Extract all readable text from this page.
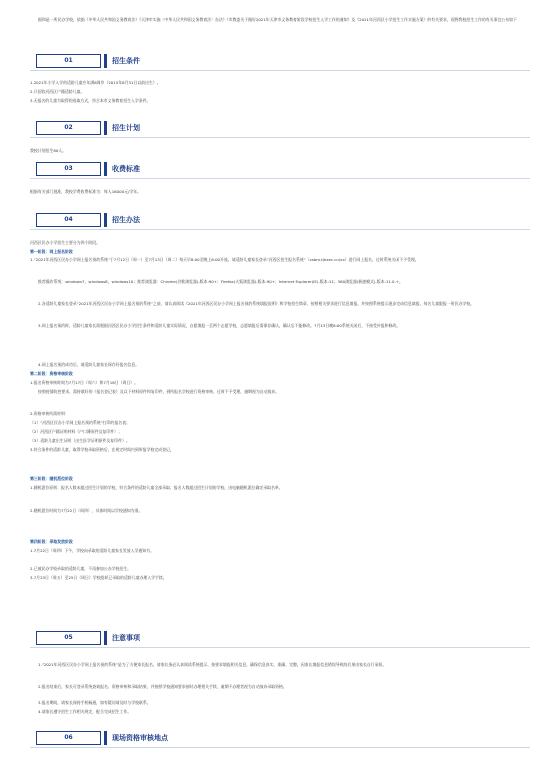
据和是一所民办学校，依据《中华人民共和国义务教育法》《天津市实施〈中华人民共和国义务教育法〉办法》《市教委关于做好2021年天津市义务教育阶段学校招生入学工作的通知》及《2021年河西区小学招生工作实施方案》的有关要求，现将我校招生工作的有关事宜公布如下
01	招生条件
1.2021年小学入学的适龄儿童应年满6周岁（2015年8月31日以前出生）。
2.只招收河西区户籍适龄儿童。
3.无报名的儿童为取得的选取方式，符合本市义务教育招生入学条件。
02	招生计划
我校计划招生80人。
03	收费标准
根据有关部门批准，我校学费收费标准为：每人16000元/学年。
04	招生办法
河西区民办小学招生主要分为四个阶段。
第一阶段：网上报名阶段
1.“2021年河西区民办小学网上报名预约系统”于7月12日（周一）至7月13日（周二）每天早8:00至晚上8:00开放。请适龄儿童家长登录“河西区招生报名系统”（zsbm.tjhxec.cn/xx）进行网上报名，过时系统关闭不予受理。
推荐操作系统：windows7，windows8，windows10；推荐浏览器：Chrome(谷歌浏览器)-版本:90+；Firefox(火狐浏览器)-版本:90+；Internet Explorer(IE)-版本:11；360浏览器(极速模式)-版本:11.0.+。
2.各适龄儿童家长登录“2021年河西区民办小学网上报名预约系统”之前，请认真阅读《2021年河西区民办小学网上报名预约系统填报说明》和学校招生简章，按照相关要求进行信息填报，并按照系统提示逐步完成信息填报，每名儿童限报一所民办学校。
3.网上报名预约时，适龄儿童家长需根据河西区民办小学招生条件和适龄儿童实际情况，自愿填报一至两个志愿学校，志愿填报后需保存确认，确认后不能修改。7月13日晚8:00系统关闭后，不接受补报和修改。
4.网上报名预约成功后，请适龄儿童家长保存好报名信息。
第二阶段：资格审核阶段
1.报名资格审核时间为7月17日（周六）和7月18日（周日）。
按照疫情防控要求，需持填好的《报名登记表》及以下材料原件和复印件，到所报名学校进行资格审核，过时不予受理，逾期视为自动放弃。
2.资格审核所需材料：
（1）“河西区民办小学网上报名预约系统”打印的报名表；
（2）河西区户籍证明材料（户口簿原件及复印件）；
（3）适龄儿童出生证明（出生医学证明原件及复印件）。
3.符合条件的适龄儿童，取得学校录取资格后，在规定时间内到所报学校完成登记。
第三阶段：随机派位阶段
1.随机派位原则：报名人数未超过招生计划的学校，符合条件的适龄儿童全部录取；报名人数超过招生计划的学校，由电脑随机派位确定录取名单。
2.随机派位时间为7月22日（周四），具体时间以学校通知为准。
第四阶段：录取发放阶段
1.7月22日（周四）下午，学校向录取的适龄儿童家长发放入学通知书。
2.已被民办学校录取的适龄儿童，不再参加公办学校招生。
3.7月23日（周五）至25日（周日）学校组织已录取的适龄儿童办理入学手续。
05	注意事项
1.“2021年河西区民办小学网上报名预约系统”是为了方便家长报名，请家长务必认真阅读系统提示，按要求填报相关信息，确保信息真实、准确、完整。因家长填报信息错误导致的后果由家长自行承担。
2.报名结束后，家长可登录系统查询报名、资格审核和录取结果，并按照学校通知要求按时办理相关手续，逾期不办理者视为自动放弃录取资格。
3.报名期间，请家长保持手机畅通，如有疑问请及时与学校联系。
4.请家长遵守招生工作相关规定，配合完成招生工作。
06	现场资格审核地点
